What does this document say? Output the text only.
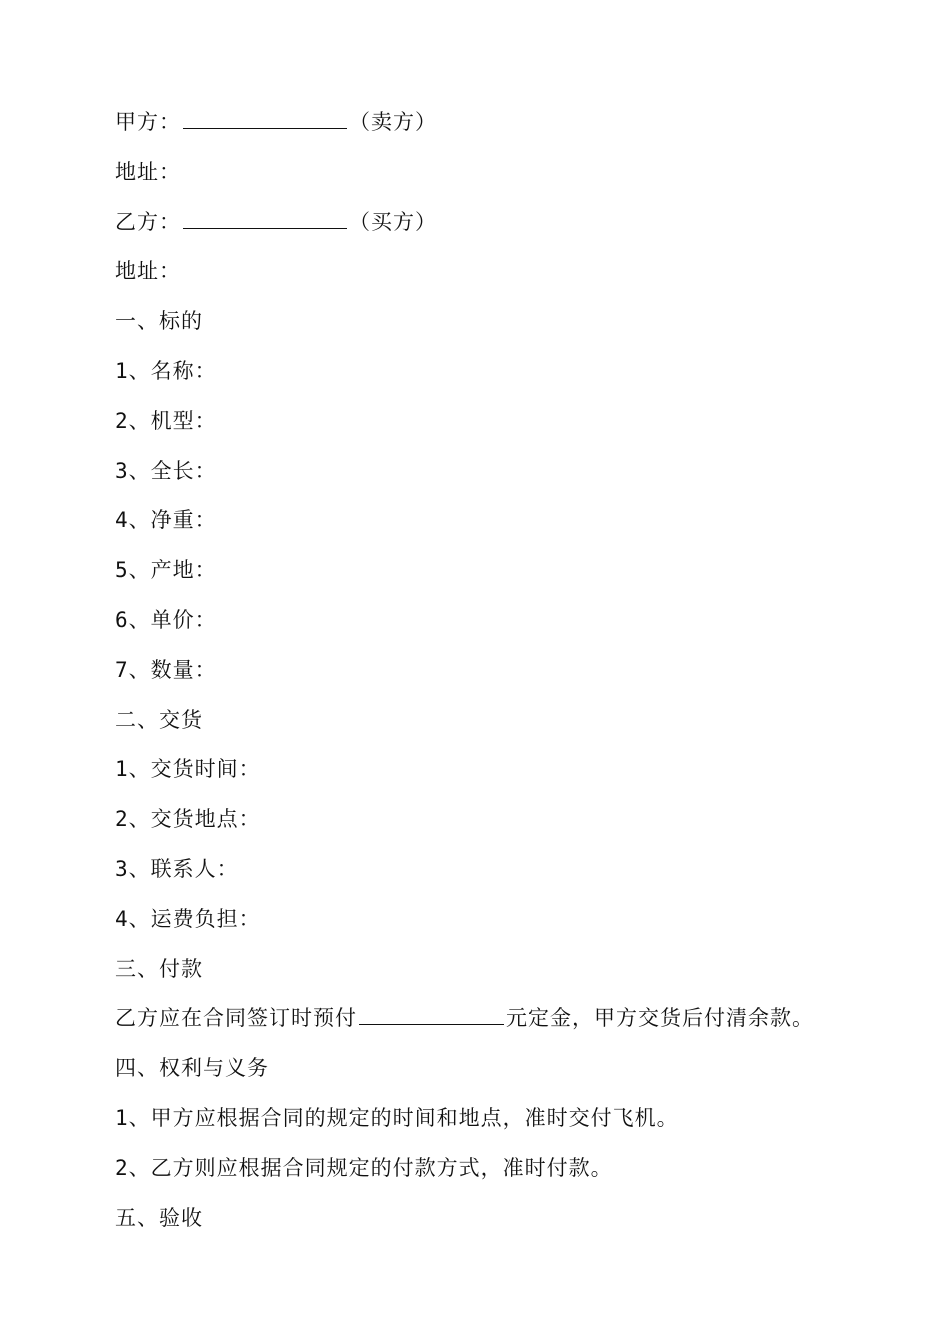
甲方：	（卖方）
地址：
乙方：	（买方）
地址：
一、标的
1、名称：
2、机型：
3、全长：
4、净重：
5、产地：
6、单价：
7、数量：
二、交货
1、交货时间：
2、交货地点：
3、联系人：
4、运费负担：
三、付款
乙方应在合同签订时预付	元定金，甲方交货后付清余款。
四、权利与义务
1、甲方应根据合同的规定的时间和地点，准时交付飞机。
2、乙方则应根据合同规定的付款方式，准时付款。
五、验收
